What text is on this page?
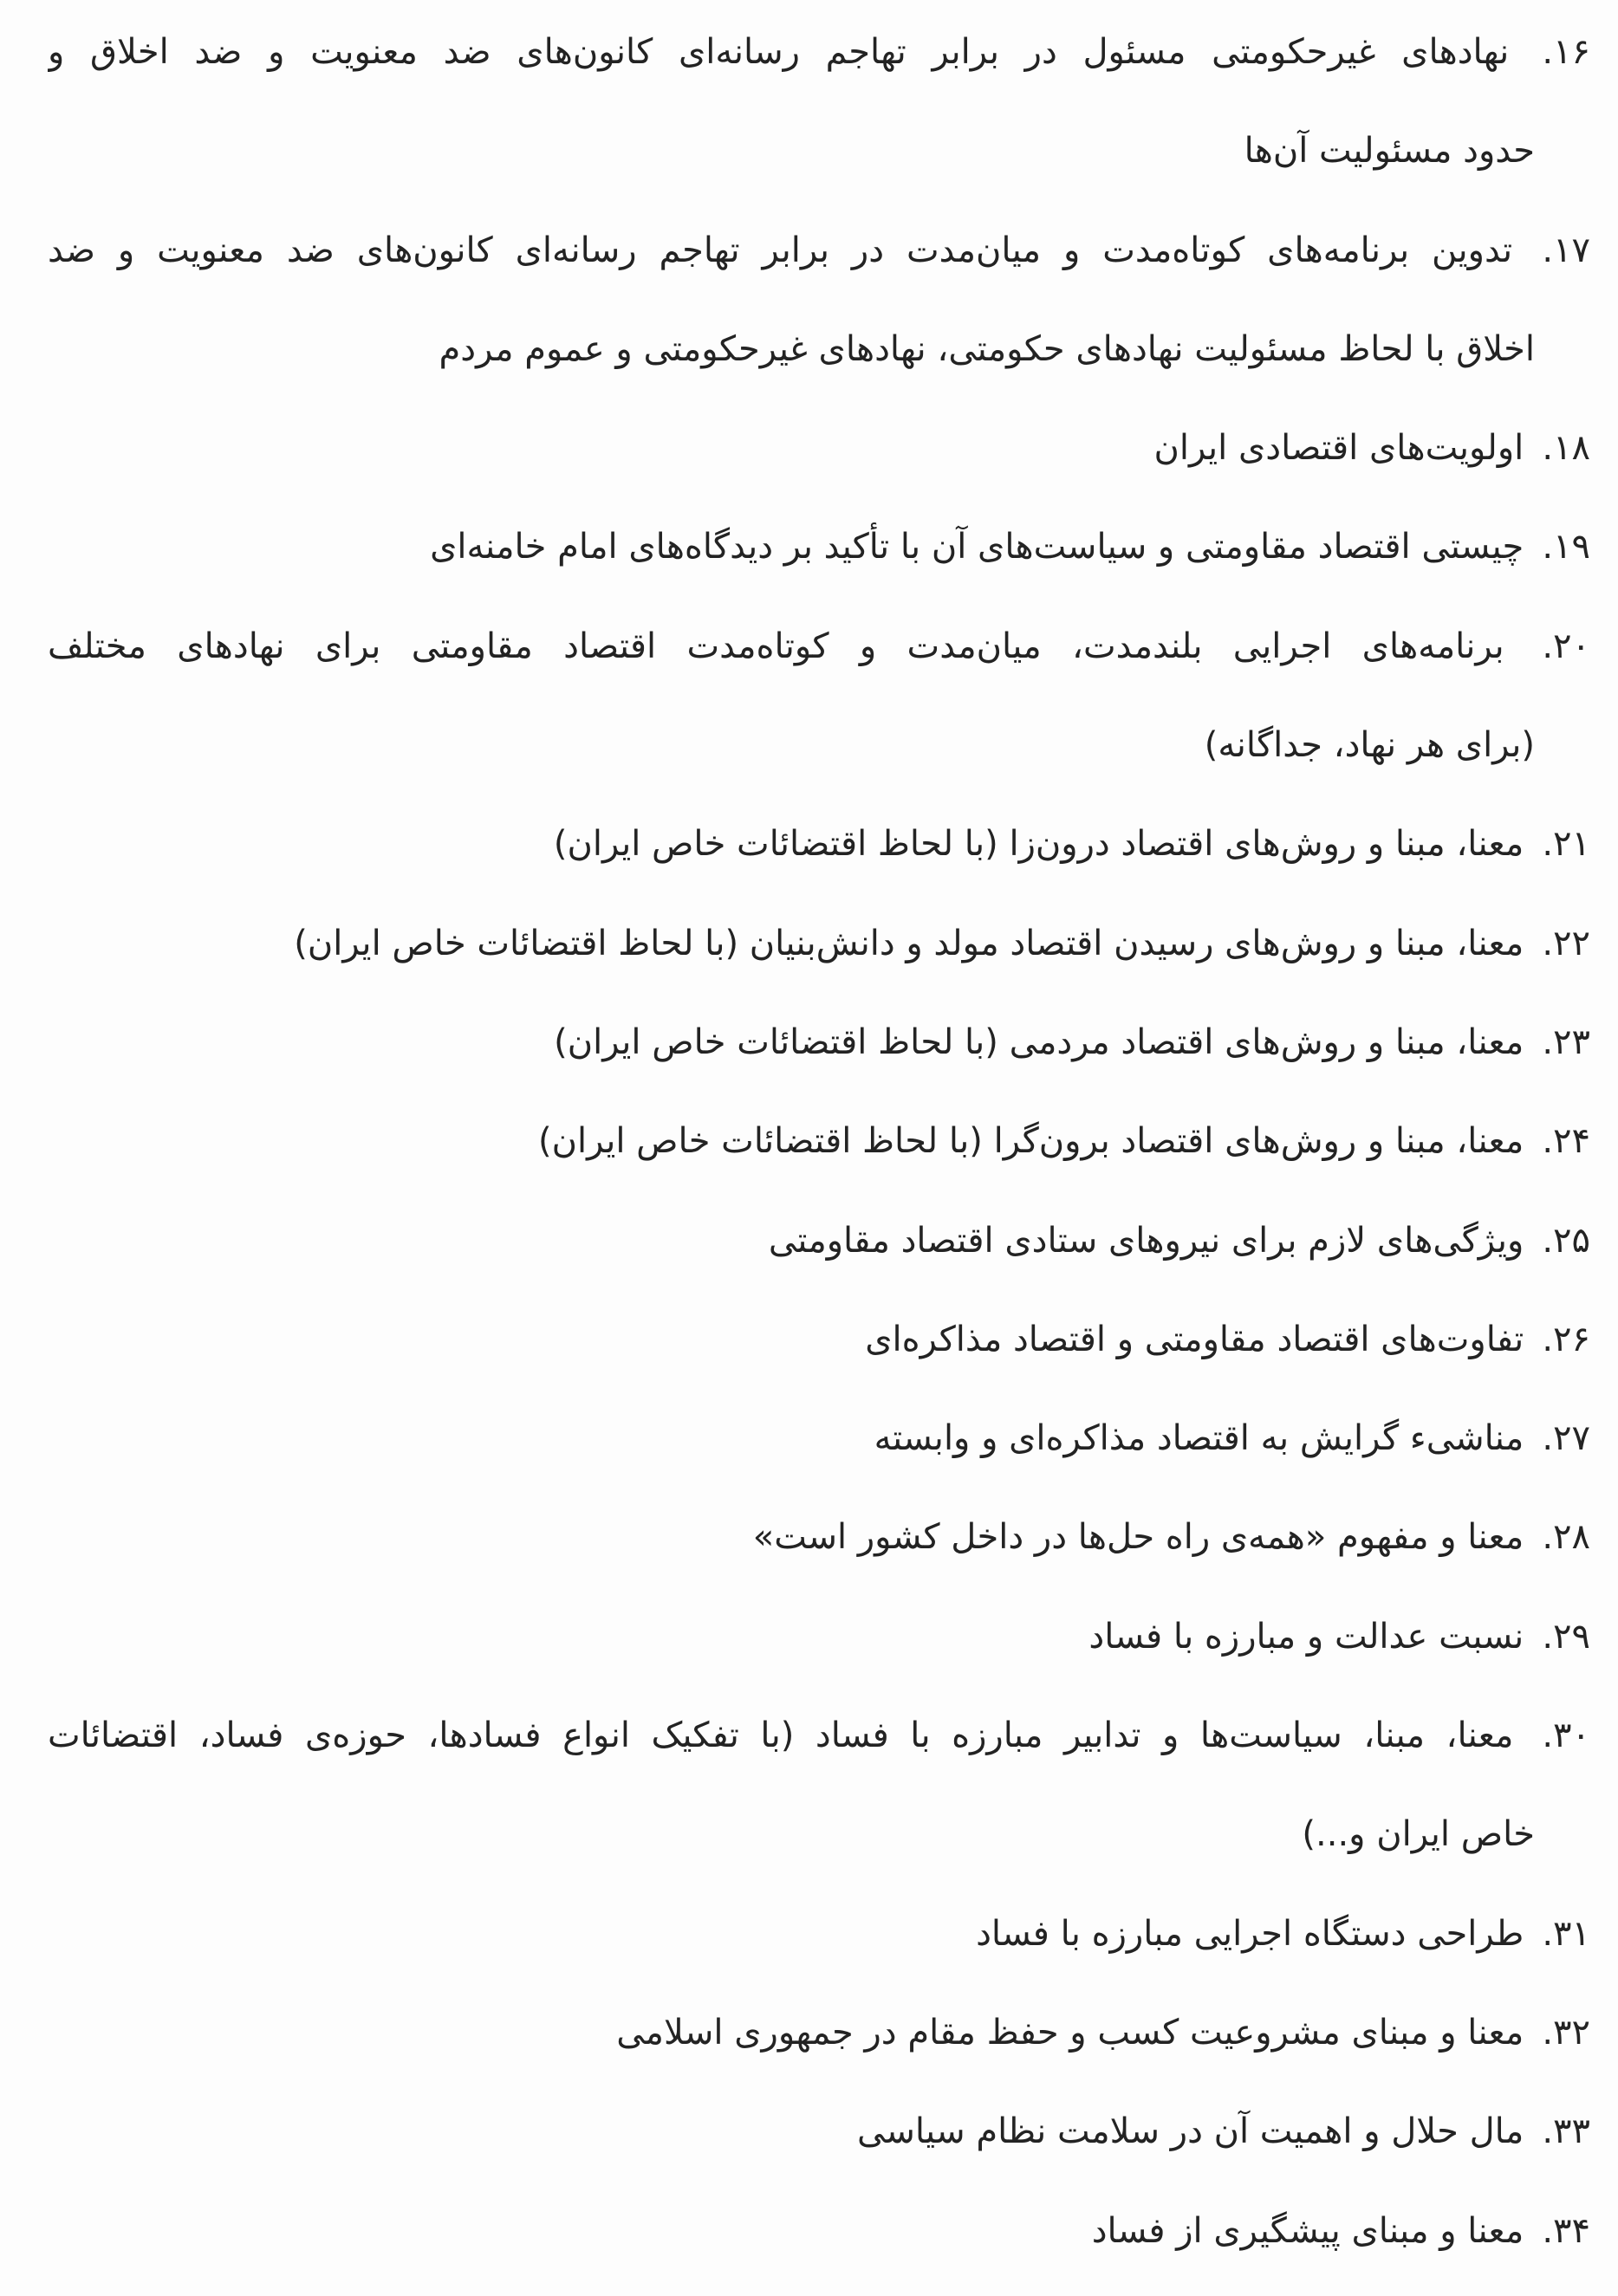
۱۶. نهادهای غیرحکومتی مسئول در برابر تهاجم رسانه‌ای کانون‌های ضد معنویت و ضد اخلاق و
حدود مسئولیت آن‌ها
۱۷. تدوین برنامه‌های کوتاه‌مدت و میان‌مدت در برابر تهاجم رسانه‌ای کانون‌های ضد معنویت و ضد
اخلاق با لحاظ مسئولیت نهادهای حکومتی، نهادهای غیرحکومتی و عموم مردم
۱۸. اولویت‌های اقتصادی ایران
۱۹. چیستی اقتصاد مقاومتی و سیاست‌های آن با تأکید بر دیدگاه‌های امام خامنه‌ای
۲۰. برنامه‌های اجرایی بلندمدت، میان‌مدت و کوتاه‌مدت اقتصاد مقاومتی برای نهادهای مختلف
(برای هر نهاد، جداگانه)
۲۱. معنا، مبنا و روش‌های اقتصاد درون‌زا (با لحاظ اقتضائات خاص ایران)
۲۲. معنا، مبنا و روش‌های رسیدن اقتصاد مولد و دانش‌بنیان (با لحاظ اقتضائات خاص ایران)
۲۳. معنا، مبنا و روش‌های اقتصاد مردمی (با لحاظ اقتضائات خاص ایران)
۲۴. معنا، مبنا و روش‌های اقتصاد برون‌گرا (با لحاظ اقتضائات خاص ایران)
۲۵. ویژگی‌های لازم برای نیروهای ستادی اقتصاد مقاومتی
۲۶. تفاوت‌های اقتصاد مقاومتی و اقتصاد مذاکره‌ای
۲۷. مناشیء گرایش به اقتصاد مذاکره‌ای و وابسته
۲۸. معنا و مفهوم «همه‌ی راه حل‌ها در داخل کشور است»
۲۹. نسبت عدالت و مبارزه با فساد
۳۰. معنا، مبنا، سیاست‌ها و تدابیر مبارزه با فساد (با تفکیک انواع فسادها، حوزه‌ی فساد، اقتضائات
خاص ایران و...)
۳۱. طراحی دستگاه اجرایی مبارزه با فساد
۳۲. معنا و مبنای مشروعیت کسب و حفظ مقام در جمهوری اسلامی
۳۳. مال حلال و اهمیت آن در سلامت نظام سیاسی
۳۴. معنا و مبنای پیشگیری از فساد
